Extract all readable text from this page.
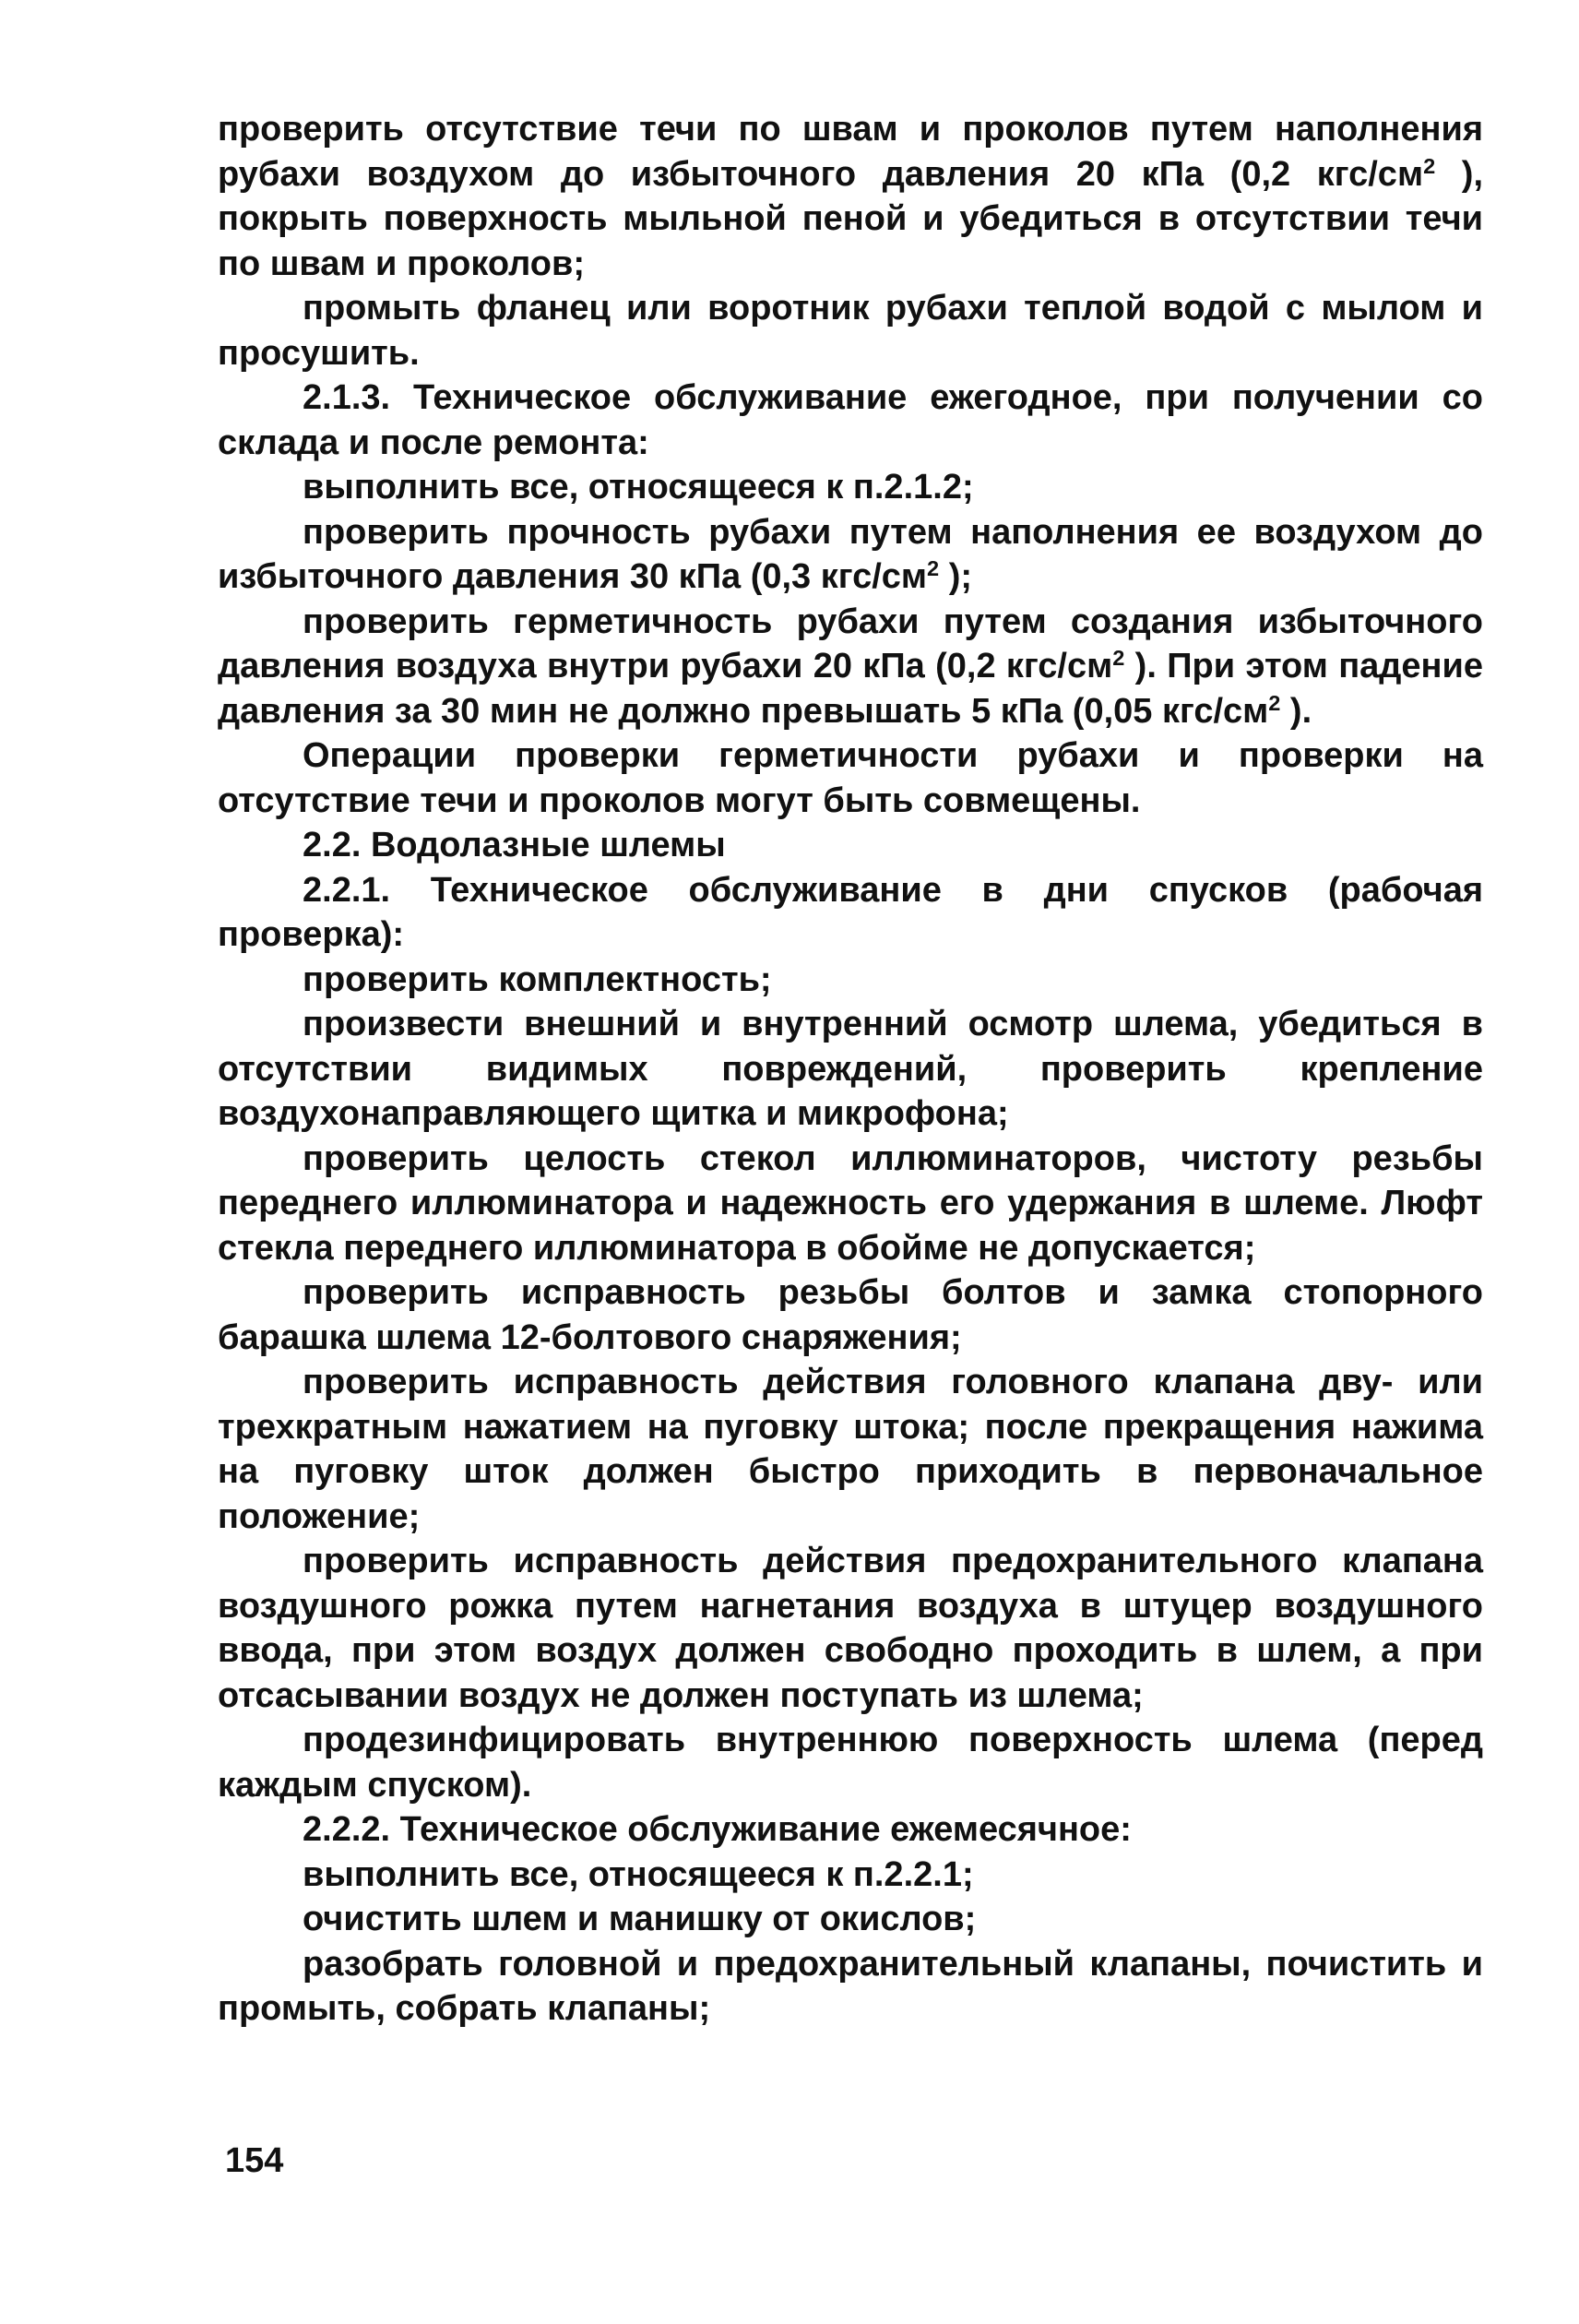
проверить отсутствие течи по швам и проколов путем наполнения рубахи воздухом до избыточного давления 20 кПа (0,2 кгс/$см^2$ ), покрыть поверхность мыльной пеной и убедиться в отсутствии течи по швам и проколов;

промыть фланец или воротник рубахи теплой водой с мылом и просушить.

2.1.3. Техническое обслуживание ежегодное, при получении со склада и после ремонта:

выполнить все, относящееся к п.2.1.2;

проверить прочность рубахи путем наполнения ее воздухом до избыточного давления 30 кПа (0,3 кгс/$см^2$ );

проверить герметичность рубахи путем создания избыточного давления воздуха внутри рубахи 20 кПа (0,2 кгс/$см^2$ ). При этом падение давления за 30 мин не должно превышать 5 кПа (0,05 кгс/$см^2$ ).

Операции проверки герметичности рубахи и проверки на отсутствие течи и проколов могут быть совмещены.

2.2. Водолазные шлемы

2.2.1. Техническое обслуживание в дни спусков (рабочая проверка):

проверить комплектность;

произвести внешний и внутренний осмотр шлема, убедиться в отсутствии видимых повреждений, проверить крепление воздухонаправляющего щитка и микрофона;

проверить целость стекол иллюминаторов, чистоту резьбы переднего иллюминатора и надежность его удержания в шлеме. Люфт стекла переднего иллюминатора в обойме не допускается;

проверить исправность резьбы болтов и замка стопорного барашка шлема 12-болтового снаряжения;

проверить исправность действия головного клапана дву- или трехкратным нажатием на пуговку штока; после прекращения нажима на пуговку шток должен быстро приходить в первоначальное положение;

проверить исправность действия предохранительного клапана воздушного рожка путем нагнетания воздуха в штуцер воздушного ввода, при этом воздух должен свободно проходить в шлем, а при отсасывании воздух не должен поступать из шлема;

продезинфицировать внутреннюю поверхность шлема (перед каждым спуском).

2.2.2. Техническое обслуживание ежемесячное:

выполнить все, относящееся к п.2.2.1;

очистить шлем и манишку от окислов;

разобрать головной и предохранительный клапаны, почистить и промыть, собрать клапаны;

154
